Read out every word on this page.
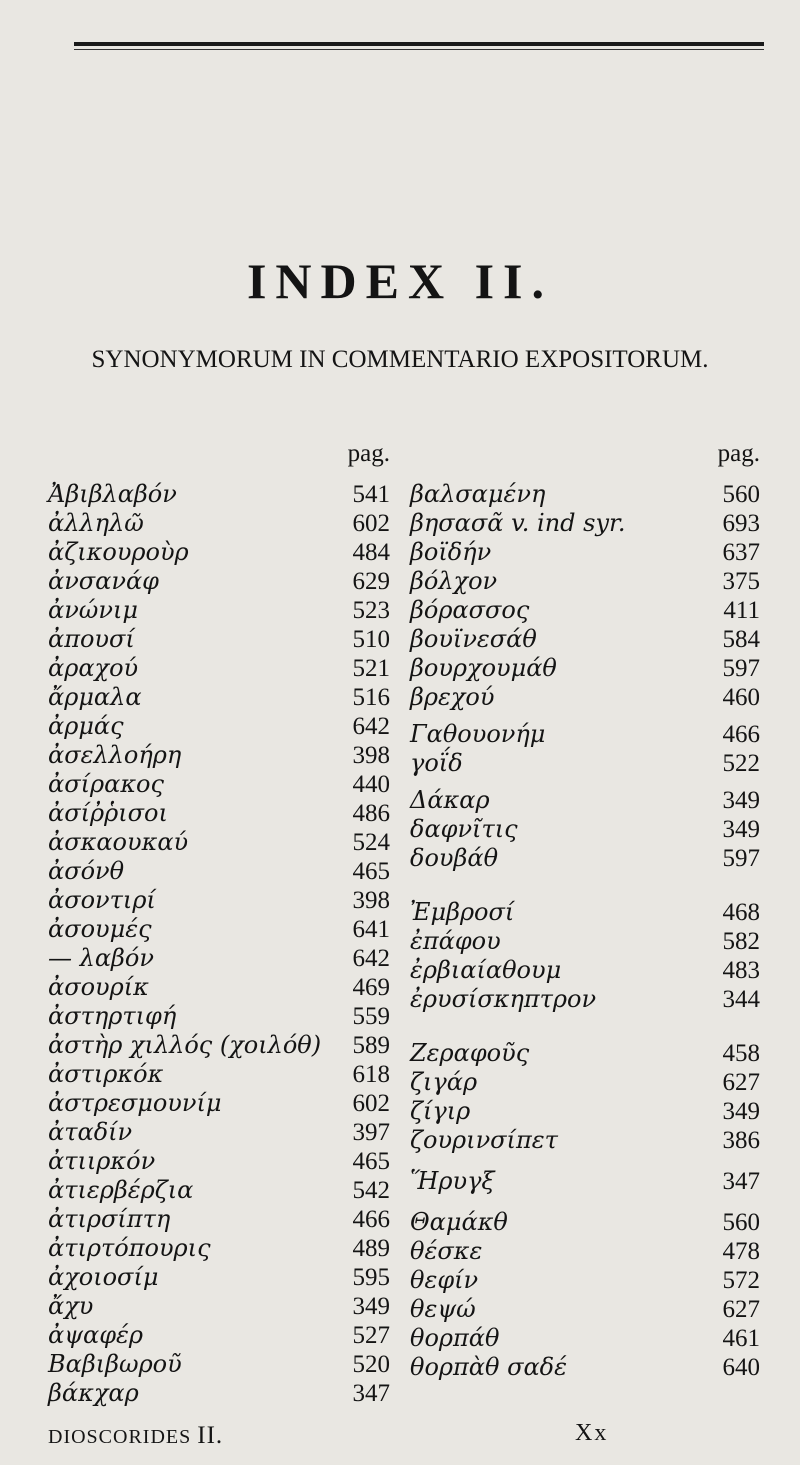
INDEX II.
SYNONYMORUM IN COMMENTARIO EXPOSITORUM.
pag.
Ἀβιβλαβόν	541
ἀλληλῶ	602
ἀζικουροὺρ	484
ἀνσανάφ	629
ἀνώνιμ	523
ἀπουσί	510
ἀραχού	521
ἄρμαλα	516
ἀρμάς	642
ἀσελλοήρη	398
ἀσίρακος	440
ἀσίῤῥισοι	486
ἀσκαουκαύ	524
ἀσόνθ	465
ἀσοντιρί	398
ἀσουμές	641
— λαβόν	642
ἀσουρίκ	469
ἀστηρτιφή	559
ἀστὴρ χιλλός (χοιλόθ) 589
ἀστιρκόκ	618
ἀστρεσμουνίμ	602
ἀταδίν	397
ἀτιιρκόν	465
ἀτιερβέρζια	542
ἀτιρσίπτη	466
ἀτιρτόπουρις	489
ἀχοιοσίμ	595
ἄχυ	349
ἀψαφέρ	527
Βαβιβωροῦ	520
βάκχαρ	347
pag.
βαλσαμένη	560
βησασᾶ v. ind syr.	693
βοϊδήν	637
βόλχον	375
βόρασσος	411
βουϊνεσάθ	584
βουρχουμάθ	597
βρεχού	460
Γαθουονήμ	466
γοΐδ	522
Δάκαρ	349
δαφνῖτις	349
δουβάθ	597
Ἐμβροσί	468
ἐπάφου	582
ἐρβιαίαθουμ	483
ἐρυσίσκηπτρον	344
Ζεραφοῦς	458
ζιγάρ	627
ζίγιρ	349
ζουρινσίπετ	386
Ἥρυγξ	347
Θαμάκθ	560
θέσκε	478
θεφίν	572
θεψώ	627
θορπάθ	461
θορπὰθ σαδέ	640
DIOSCORIDES II.	Xx
